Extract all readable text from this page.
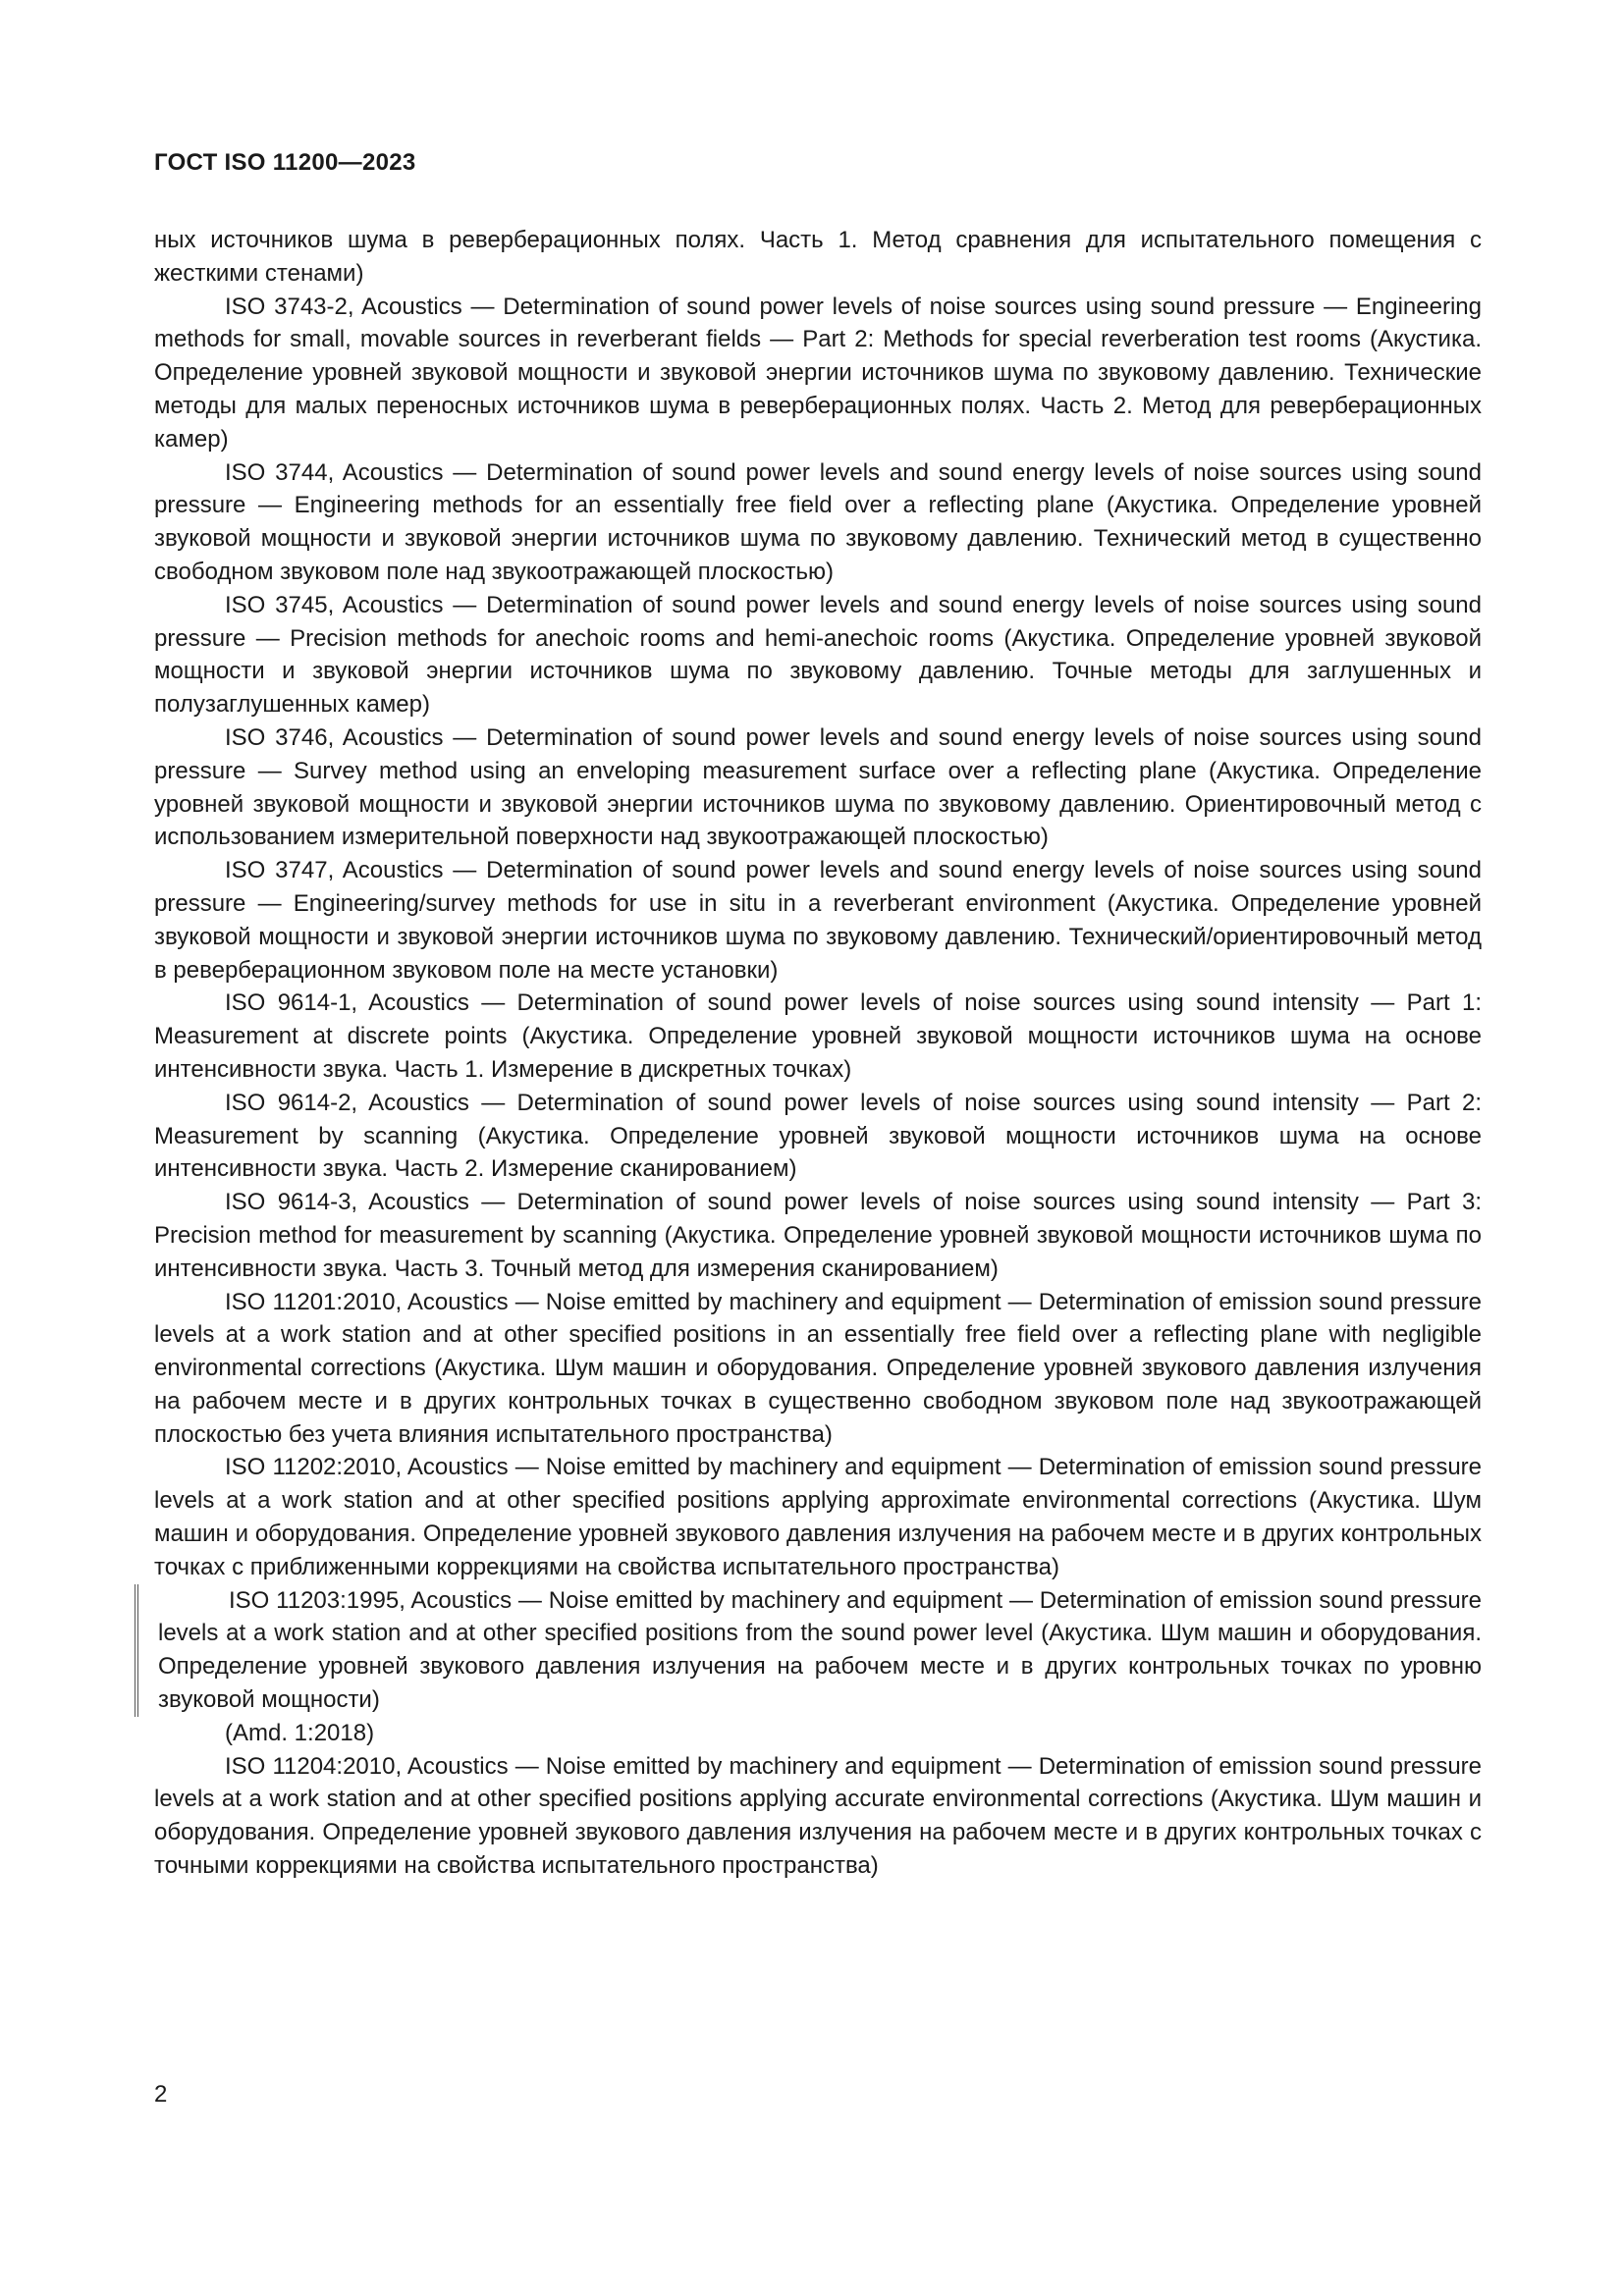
ГОСТ ISO 11200—2023

ных источников шума в реверберационных полях. Часть 1. Метод сравнения для испытательного помещения с жесткими стенами)

ISO 3743-2, Acoustics — Determination of sound power levels of noise sources using sound pressure — Engineering methods for small, movable sources in reverberant fields — Part 2: Methods for special reverberation test rooms (Акустика. Определение уровней звуковой мощности и звуковой энергии источников шума по звуковому давлению. Технические методы для малых переносных источников шума в реверберационных полях. Часть 2. Метод для реверберационных камер)

ISO 3744, Acoustics — Determination of sound power levels and sound energy levels of noise sources using sound pressure — Engineering methods for an essentially free field over a reflecting plane (Акустика. Определение уровней звуковой мощности и звуковой энергии источников шума по звуковому давлению. Технический метод в существенно свободном звуковом поле над звукоотражающей плоскостью)

ISO 3745, Acoustics — Determination of sound power levels and sound energy levels of noise sources using sound pressure — Precision methods for anechoic rooms and hemi-anechoic rooms (Акустика. Определение уровней звуковой мощности и звуковой энергии источников шума по звуковому давлению. Точные методы для заглушенных и полузаглушенных камер)

ISO 3746, Acoustics — Determination of sound power levels and sound energy levels of noise sources using sound pressure — Survey method using an enveloping measurement surface over a reflecting plane (Акустика. Определение уровней звуковой мощности и звуковой энергии источников шума по звуковому давлению. Ориентировочный метод с использованием измерительной поверхности над звукоотражающей плоскостью)

ISO 3747, Acoustics — Determination of sound power levels and sound energy levels of noise sources using sound pressure — Engineering/survey methods for use in situ in a reverberant environment (Акустика. Определение уровней звуковой мощности и звуковой энергии источников шума по звуковому давлению. Технический/ориентировочный метод в реверберационном звуковом поле на месте установки)

ISO 9614-1, Acoustics — Determination of sound power levels of noise sources using sound intensity — Part 1: Measurement at discrete points (Акустика. Определение уровней звуковой мощности источников шума на основе интенсивности звука. Часть 1. Измерение в дискретных точках)

ISO 9614-2, Acoustics — Determination of sound power levels of noise sources using sound intensity — Part 2: Measurement by scanning (Акустика. Определение уровней звуковой мощности источников шума на основе интенсивности звука. Часть 2. Измерение сканированием)

ISO 9614-3, Acoustics — Determination of sound power levels of noise sources using sound intensity — Part 3: Precision method for measurement by scanning (Акустика. Определение уровней звуковой мощности источников шума по интенсивности звука. Часть 3. Точный метод для измерения сканированием)

ISO 11201:2010, Acoustics — Noise emitted by machinery and equipment — Determination of emission sound pressure levels at a work station and at other specified positions in an essentially free field over a reflecting plane with negligible environmental corrections (Акустика. Шум машин и оборудования. Определение уровней звукового давления излучения на рабочем месте и в других контрольных точках в существенно свободном звуковом поле над звукоотражающей плоскостью без учета влияния испытательного пространства)

ISO 11202:2010, Acoustics — Noise emitted by machinery and equipment — Determination of emission sound pressure levels at a work station and at other specified positions applying approximate environmental corrections (Акустика. Шум машин и оборудования. Определение уровней звукового давления излучения на рабочем месте и в других контрольных точках с приближенными коррекциями на свойства испытательного пространства)

ISO 11203:1995, Acoustics — Noise emitted by machinery and equipment — Determination of emission sound pressure levels at a work station and at other specified positions from the sound power level (Акустика. Шум машин и оборудования. Определение уровней звукового давления излучения на рабочем месте и в других контрольных точках по уровню звуковой мощности)

(Amd. 1:2018)

ISO 11204:2010, Acoustics — Noise emitted by machinery and equipment — Determination of emission sound pressure levels at a work station and at other specified positions applying accurate environmental corrections (Акустика. Шум машин и оборудования. Определение уровней звукового давления излучения на рабочем месте и в других контрольных точках с точными коррекциями на свойства испытательного пространства)

2
